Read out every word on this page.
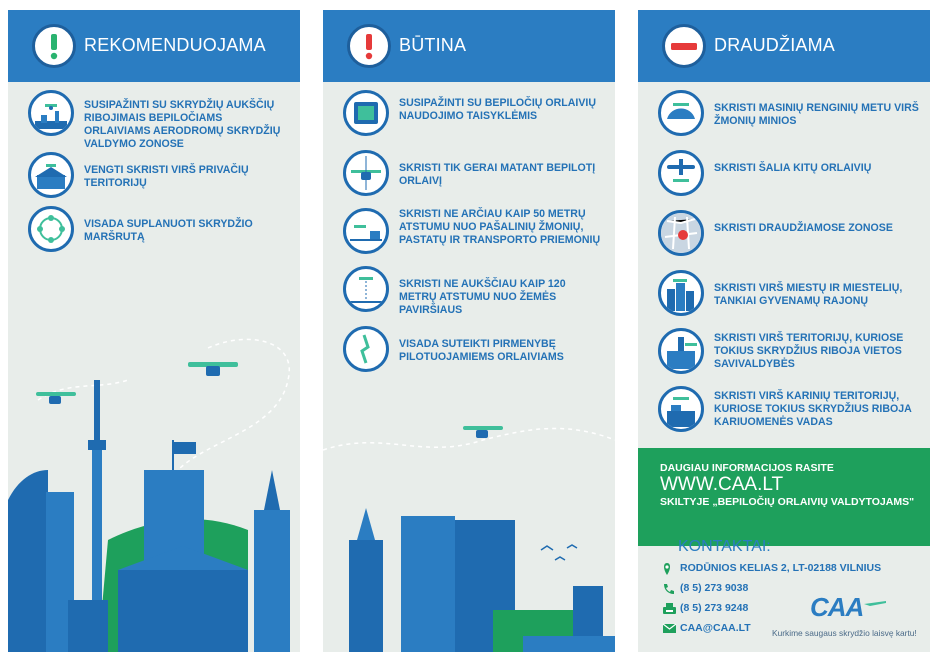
REKOMENDUOJAMA
SUSIPAŽINTI SU SKRYDŽIŲ AUKŠČIŲ RIBOJIMAIS BEPILOČIAMS ORLAIVIAMS AERODROMŲ SKRYDŽIŲ VALDYMO ZONOSE
VENGTI SKRISTI VIRŠ PRIVAČIŲ TERITORIJŲ
VISADA SUPLANUOTI SKRYDŽIO MARŠRUTĄ
BŪTINA
SUSIPAŽINTI SU BEPILOČIŲ ORLAIVIŲ NAUDOJIMO TAISYKLĖMIS
SKRISTI TIK GERAI MATANT BEPILOTĮ ORLAIVĮ
SKRISTI NE ARČIAU KAIP 50 METRŲ ATSTUMU NUO PAŠALINIŲ ŽMONIŲ, PASTATŲ IR TRANSPORTO PRIEMONIŲ
SKRISTI NE AUKŠČIAU KAIP 120 METRŲ ATSTUMU NUO ŽEMĖS PAVIRŠIAUS
VISADA SUTEIKTI PIRMENYBĘ PILOTUOJAMIEMS ORLAIVIAMS
DRAUDŽIAMA
SKRISTI MASINIŲ RENGINIŲ METU VIRŠ ŽMONIŲ MINIOS
SKRISTI ŠALIA KITŲ ORLAIVIŲ
SKRISTI DRAUDŽIAMOSE ZONOSE
SKRISTI VIRŠ MIESTŲ IR MIESTELIŲ, TANKIAI GYVENAMŲ RAJONŲ
SKRISTI VIRŠ TERITORIJŲ, KURIOSE TOKIUS SKRYDŽIUS RIBOJA VIETOS SAVIVALDYBĖS
SKRISTI VIRŠ KARINIŲ TERITORIJŲ, KURIOSE TOKIUS SKRYDŽIUS RIBOJA KARIUOMENĖS VADAS
DAUGIAU INFORMACIJOS RASITE
WWW.CAA.LT
SKILTYJE „BEPILOČIŲ ORLAIVIŲ VALDYTOJAMS"
KONTAKTAI:
RODŪNIOS KELIAS 2, LT-02188 VILNIUS
(8 5) 273 9038
(8 5) 273 9248
CAA@CAA.LT
CAA
Kurkime saugaus skrydžio laisvę kartu!
